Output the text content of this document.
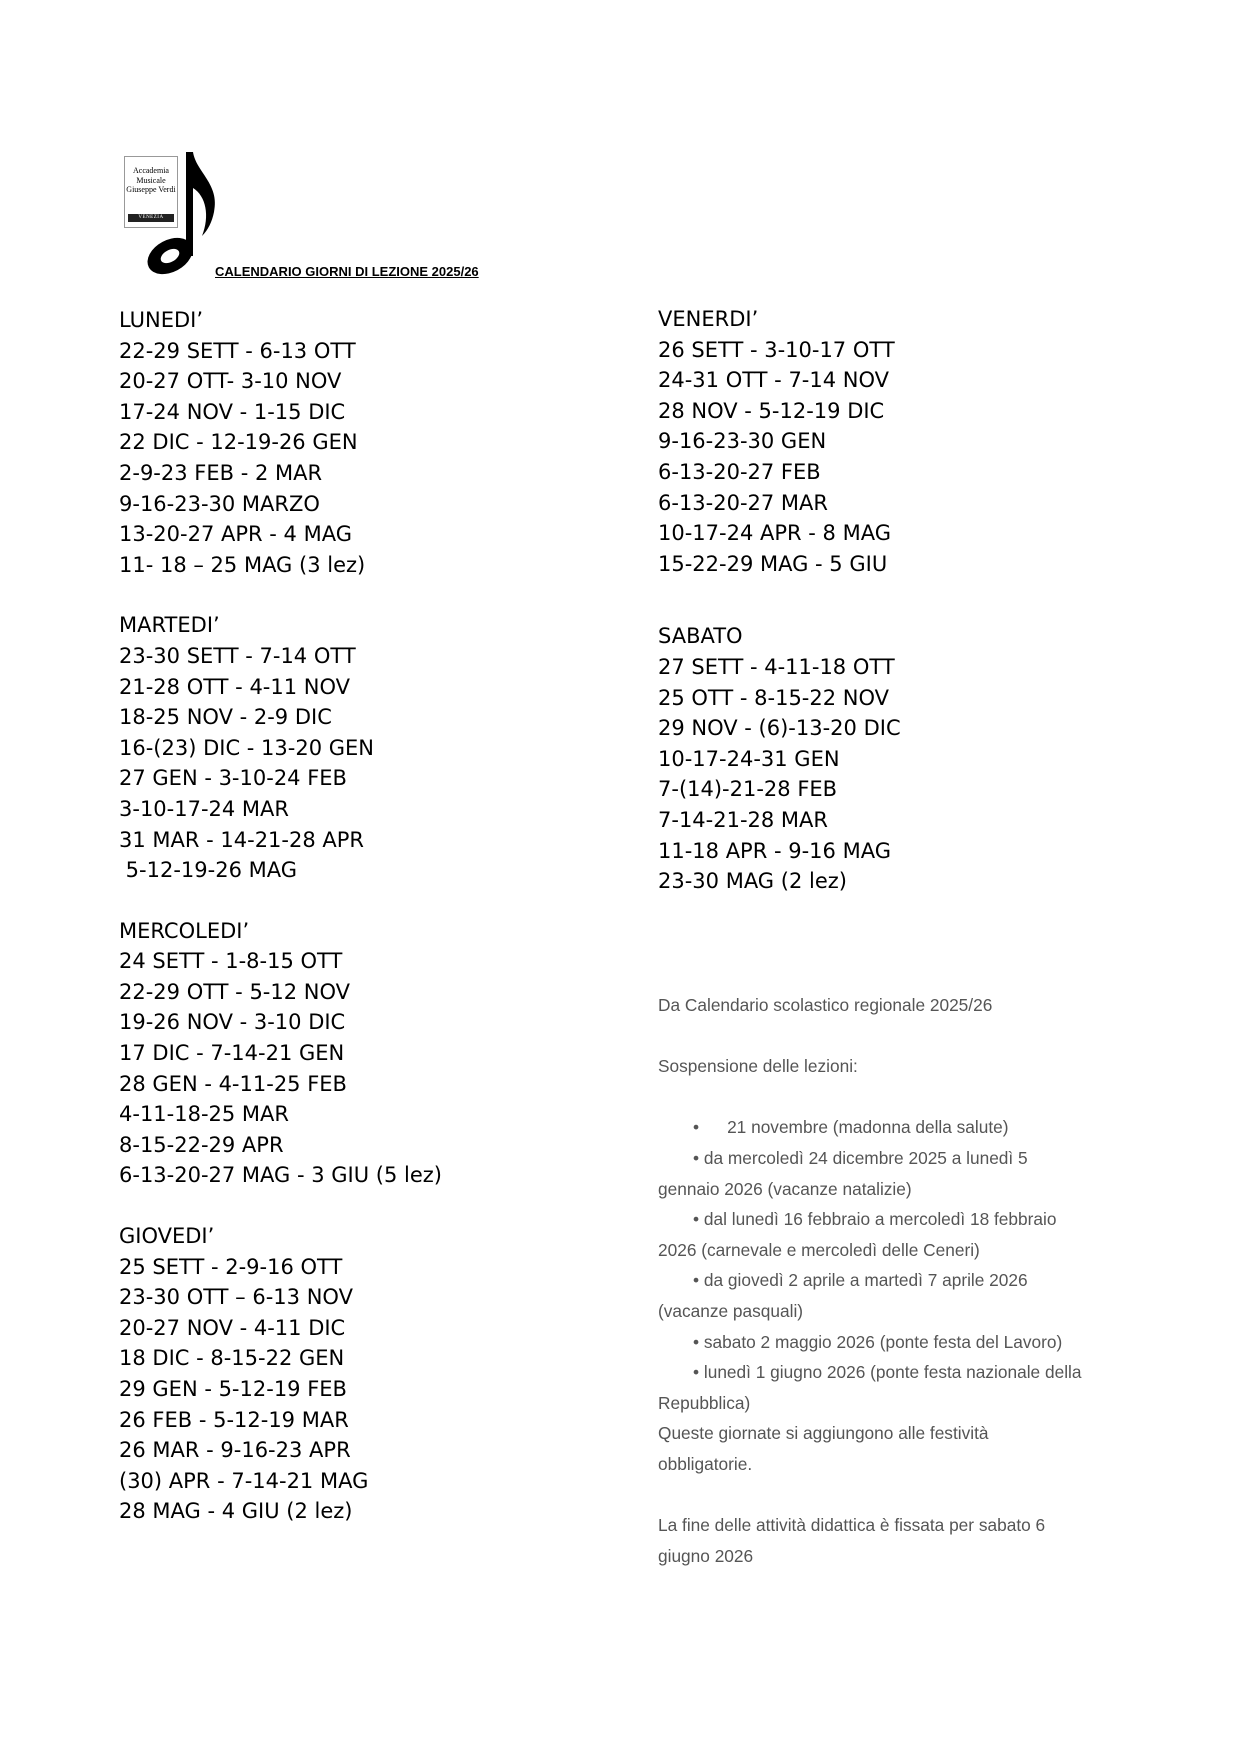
Accademia
Musicale
Giuseppe Verdi
VENEZIA
CALENDARIO GIORNI DI LEZIONE 2025/26
LUNEDI’
22-29 SETT - 6-13 OTT
20-27 OTT- 3-10 NOV
17-24 NOV - 1-15 DIC
22 DIC - 12-19-26 GEN
2-9-23 FEB - 2 MAR
9-16-23-30 MARZO
13-20-27 APR - 4 MAG
11- 18 – 25 MAG (3 lez)
MARTEDI’
23-30 SETT - 7-14 OTT
21-28 OTT - 4-11 NOV
18-25 NOV - 2-9 DIC
16-(23) DIC - 13-20 GEN
27 GEN - 3-10-24 FEB
3-10-17-24 MAR
31 MAR - 14-21-28 APR
5-12-19-26 MAG
MERCOLEDI’
24 SETT - 1-8-15 OTT
22-29 OTT - 5-12 NOV
19-26 NOV - 3-10 DIC
17 DIC - 7-14-21 GEN
28 GEN - 4-11-25 FEB
4-11-18-25 MAR
8-15-22-29 APR
6-13-20-27 MAG - 3 GIU (5 lez)
GIOVEDI’
25 SETT - 2-9-16 OTT
23-30 OTT – 6-13 NOV
20-27 NOV - 4-11 DIC
18 DIC - 8-15-22 GEN
29 GEN - 5-12-19 FEB
26 FEB - 5-12-19 MAR
26 MAR - 9-16-23 APR
(30) APR - 7-14-21 MAG
28 MAG - 4 GIU (2 lez)
VENERDI’
26 SETT - 3-10-17 OTT
24-31 OTT - 7-14 NOV
28 NOV - 5-12-19 DIC
9-16-23-30 GEN
6-13-20-27 FEB
6-13-20-27 MAR
10-17-24 APR - 8 MAG
15-22-29 MAG - 5 GIU
SABATO
27 SETT - 4-11-18 OTT
25 OTT - 8-15-22 NOV
29 NOV - (6)-13-20 DIC
10-17-24-31 GEN
7-(14)-21-28 FEB
7-14-21-28 MAR
11-18 APR - 9-16 MAG
23-30 MAG (2 lez)

Da Calendario scolastico regionale 2025/26

Sospensione delle lezioni:

• 21 novembre (madonna della salute)
• da mercoledì 24 dicembre 2025 a lunedì 5
gennaio 2026 (vacanze natalizie)
• dal lunedì 16 febbraio a mercoledì 18 febbraio
2026 (carnevale e mercoledì delle Ceneri)
• da giovedì 2 aprile a martedì 7 aprile 2026
(vacanze pasquali)
• sabato 2 maggio 2026 (ponte festa del Lavoro)
• lunedì 1 giugno 2026 (ponte festa nazionale della
Repubblica)

Queste giornate si aggiungono alle festività
obbligatorie.

La fine delle attività didattica è fissata per sabato 6
giugno 2026
